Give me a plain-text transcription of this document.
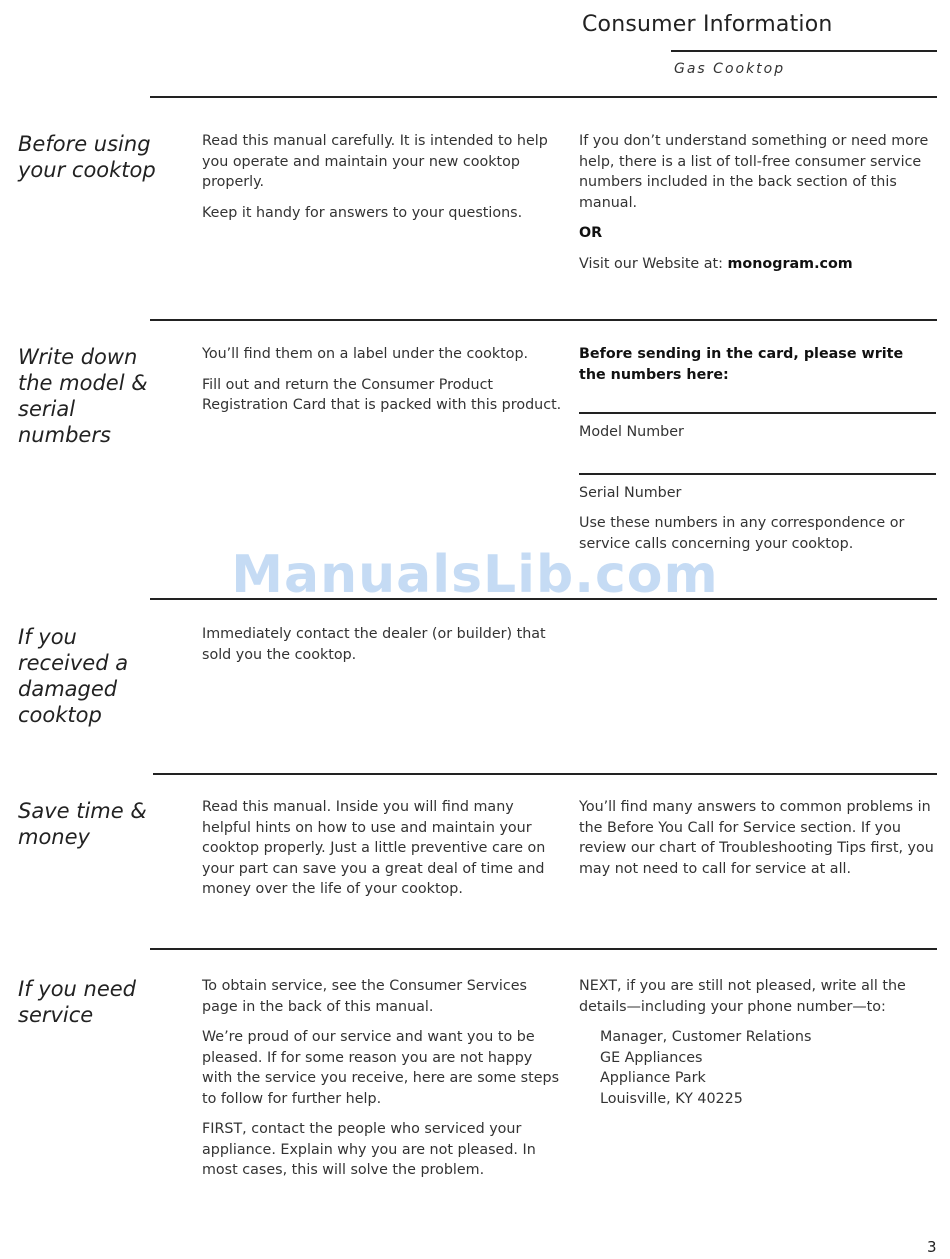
Consumer Information
Gas Cooktop
Before using your cooktop

Read this manual carefully. It is intended to help you operate and maintain your new cooktop properly.

Keep it handy for answers to your questions.

If you don’t understand something or need more help, there is a list of toll-free consumer service numbers included in the back section of this manual.

OR

Visit our Website at: monogram.com

Write down the model & serial numbers

You’ll find them on a label under the cooktop.

Fill out and return the Consumer Product Registration Card that is packed with this product.

Before sending in the card, please write the numbers here:

Model Number

Serial Number

Use these numbers in any correspondence or service calls concerning your cooktop.

ManualsLib.com
If you received a damaged cooktop

Immediately contact the dealer (or builder) that sold you the cooktop.

Save time & money

Read this manual. Inside you will find many helpful hints on how to use and maintain your cooktop properly. Just a little preventive care on your part can save you a great deal of time and money over the life of your cooktop.

You’ll find many answers to common problems in the Before You Call for Service section. If you review our chart of Troubleshooting Tips first, you may not need to call for service at all.

If you need service

To obtain service, see the Consumer Services page in the back of this manual.

We’re proud of our service and want you to be pleased. If for some reason you are not happy with the service you receive, here are some steps to follow for further help.

FIRST, contact the people who serviced your appliance. Explain why you are not pleased. In most cases, this will solve the problem.

NEXT, if you are still not pleased, write all the details—including your phone number—to:

Manager, Customer Relations
GE Appliances
Appliance Park
Louisville, KY 40225
3
